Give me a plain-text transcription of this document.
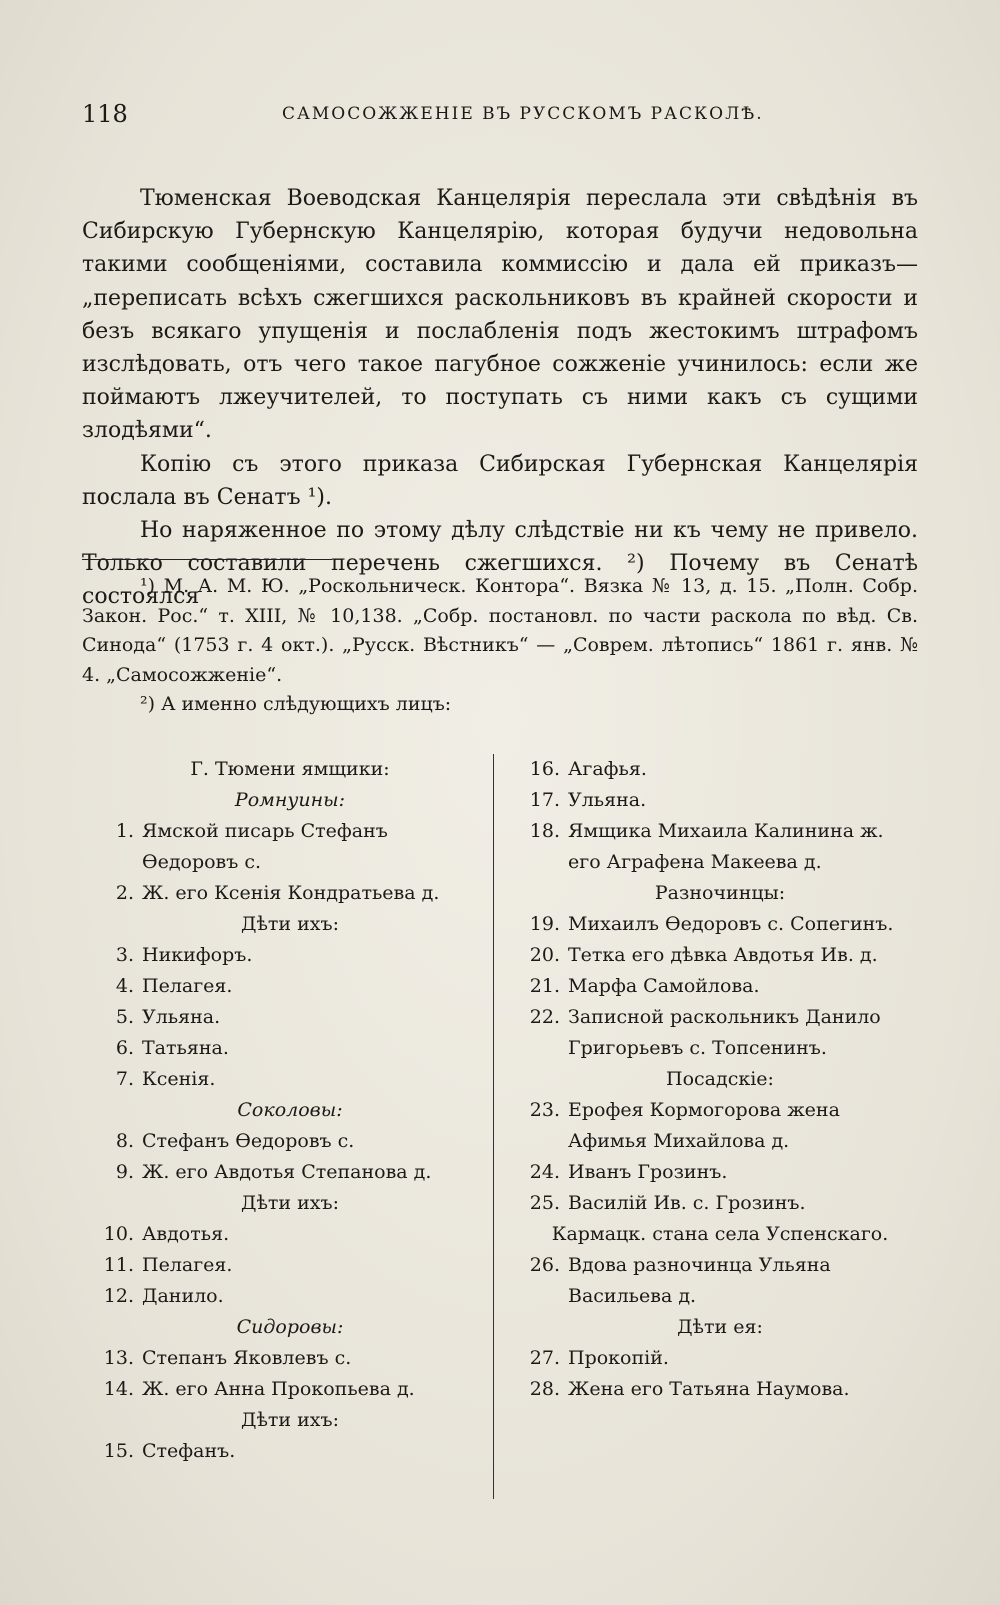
118	САМОСОЖЖЕНІЕ ВЪ РУССКОМЪ РАСКОЛѢ.

Тюменская Воеводская Канцелярія переслала эти свѣдѣнія въ Сибирскую Губернскую Канцелярію, которая будучи недовольна такими сообщеніями, составила коммиссію и дала ей приказъ—„переписать всѣхъ сжегшихся раскольниковъ въ крайней скорости и безъ всякаго упущенія и послабленія подъ жестокимъ штрафомъ изслѣдовать, отъ чего такое пагубное сожженіе учинилось: если же поймаютъ лжеучителей, то поступать съ ними какъ съ сущими злодѣями“.

Копію съ этого приказа Сибирская Губернская Канцелярія послала въ Сенатъ ¹).

Но наряженное по этому дѣлу слѣдствіе ни къ чему не привело. Только составили перечень сжегшихся. ²) Почему въ Сенатѣ состоялся

¹) М. А. М. Ю. „Роскольническ. Контора“. Вязка № 13, д. 15. „Полн. Собр. Закон. Рос.“ т. XIII, № 10,138. „Собр. постановл. по части раскола по вѣд. Св. Синода“ (1753 г. 4 окт.). „Русск. Вѣстникъ“ — „Соврем. лѣтопись“ 1861 г. янв. № 4. „Самосожженіе“.

²) А именно слѣдующихъ лицъ:

Г. Тюмени ямщики:
Ромнуины:
1. Ямской писарь Стефанъ Ѳедоровъ с.
2. Ж. его Ксенія Кондратьева д.
Дѣти ихъ:
3. Никифоръ.
4. Пелагея.
5. Ульяна.
6. Татьяна.
7. Ксенія.
Соколовы:
8. Стефанъ Ѳедоровъ с.
9. Ж. его Авдотья Степанова д.
Дѣти ихъ:
10. Авдотья.
11. Пелагея.
12. Данило.
Сидоровы:
13. Степанъ Яковлевъ с.
14. Ж. его Анна Прокопьева д.
Дѣти ихъ:
15. Стефанъ.
16. Агафья.
17. Ульяна.
18. Ямщика Михаила Калинина ж. его Аграфена Макеева д.
Разночинцы:
19. Михаилъ Ѳедоровъ с. Сопегинъ.
20. Тетка его дѣвка Авдотья Ив. д.
21. Марфа Самойлова.
22. Записной раскольникъ Данило Григорьевъ с. Топсенинъ.
Посадскіе:
23. Ерофея Кормогорова жена Афимья Михайлова д.
24. Иванъ Грозинъ.
25. Василій Ив. с. Грозинъ.
Кармацк. стана села Успенскаго.
26. Вдова разночинца Ульяна Васильева д.
Дѣти ея:
27. Прокопій.
28. Жена его Татьяна Наумова.
